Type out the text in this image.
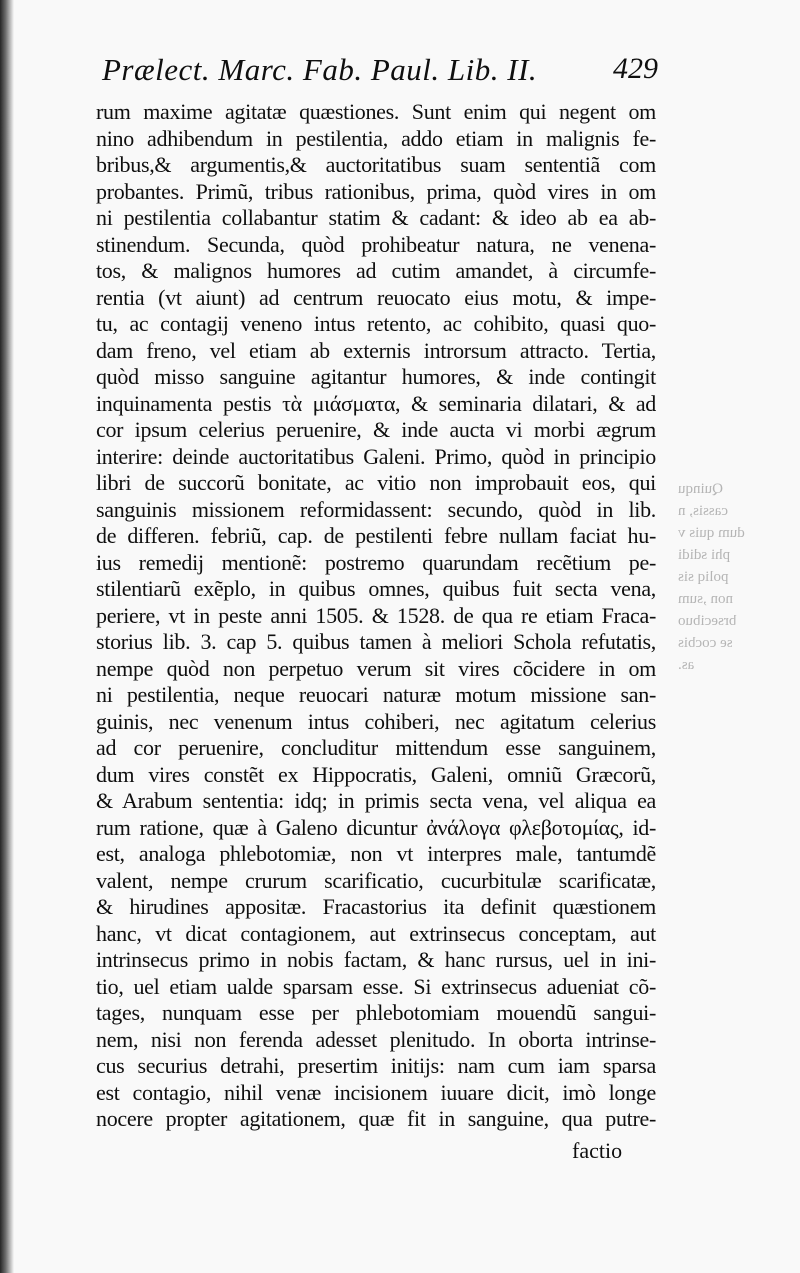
Prælect. Marc. Fab. Paul. Lib. II.	429
rum maxime agitatæ quæstiones. Sunt enim qui negent om
nino adhibendum in pestilentia, addo etiam in malignis fe-
bribus,& argumentis,& auctoritatibus suam sententiã com
probantes. Primũ, tribus rationibus, prima, quòd vires in om
ni pestilentia collabantur statim & cadant: & ideo ab ea ab-
stinendum. Secunda, quòd prohibeatur natura, ne venena-
tos, & malignos humores ad cutim amandet, à circumfe-
rentia (vt aiunt) ad centrum reuocato eius motu, & impe-
tu, ac contagij veneno intus retento, ac cohibito, quasi quo-
dam freno, vel etiam ab externis introrsum attracto. Tertia,
quòd misso sanguine agitantur humores, & inde contingit
inquinamenta pestis τὰ μιάσματα, & seminaria dilatari, & ad
cor ipsum celerius peruenire, & inde aucta vi morbi ægrum
interire: deinde auctoritatibus Galeni. Primo, quòd in principio
libri de succorũ bonitate, ac vitio non improbauit eos, qui
sanguinis missionem reformidassent: secundo, quòd in lib.
de differen. febriũ, cap. de pestilenti febre nullam faciat hu-
ius remedij mentionẽ: postremo quarundam recẽtium pe-
stilentiarũ exẽplo, in quibus omnes, quibus fuit secta vena,
periere, vt in peste anni 1505. & 1528. de qua re etiam Fraca-
storius lib. 3. cap 5. quibus tamen à meliori Schola refutatis,
nempe quòd non perpetuo verum sit vires cõcidere in om
ni pestilentia, neque reuocari naturæ motum missione san-
guinis, nec venenum intus cohiberi, nec agitatum celerius
ad cor peruenire, concluditur mittendum esse sanguinem,
dum vires constẽt ex Hippocratis, Galeni, omniũ Græcorũ,
& Arabum sententia: idq; in primis secta vena, vel aliqua ea
rum ratione, quæ à Galeno dicuntur ἀνάλογα φλεβοτομίας, id-
est, analoga phlebotomiæ, non vt interpres male, tantumdẽ
valent, nempe crurum scarificatio, cucurbitulæ scarificatæ,
& hirudines appositæ. Fracastorius ita definit quæstionem
hanc, vt dicat contagionem, aut extrinsecus conceptam, aut
intrinsecus primo in nobis factam, & hanc rursus, uel in ini-
tio, uel etiam ualde sparsam esse. Si extrinsecus adueniat cõ-
tages, nunquam esse per phlebotomiam mouendũ sangui-
nem, nisi non ferenda adesset plenitudo. In oborta intrinse-
cus securius detrahi, presertim initijs: nam cum iam sparsa
est contagio, nihil venæ incisionem iuuare dicit, imò longe
nocere propter agitationem, quæ fit in sanguine, qua putre-
factio
Quinqu
cassis, n
dum quis v
phi sdidi
poliq sis
non ,sum
brsecibuo
se cocbis
as.
